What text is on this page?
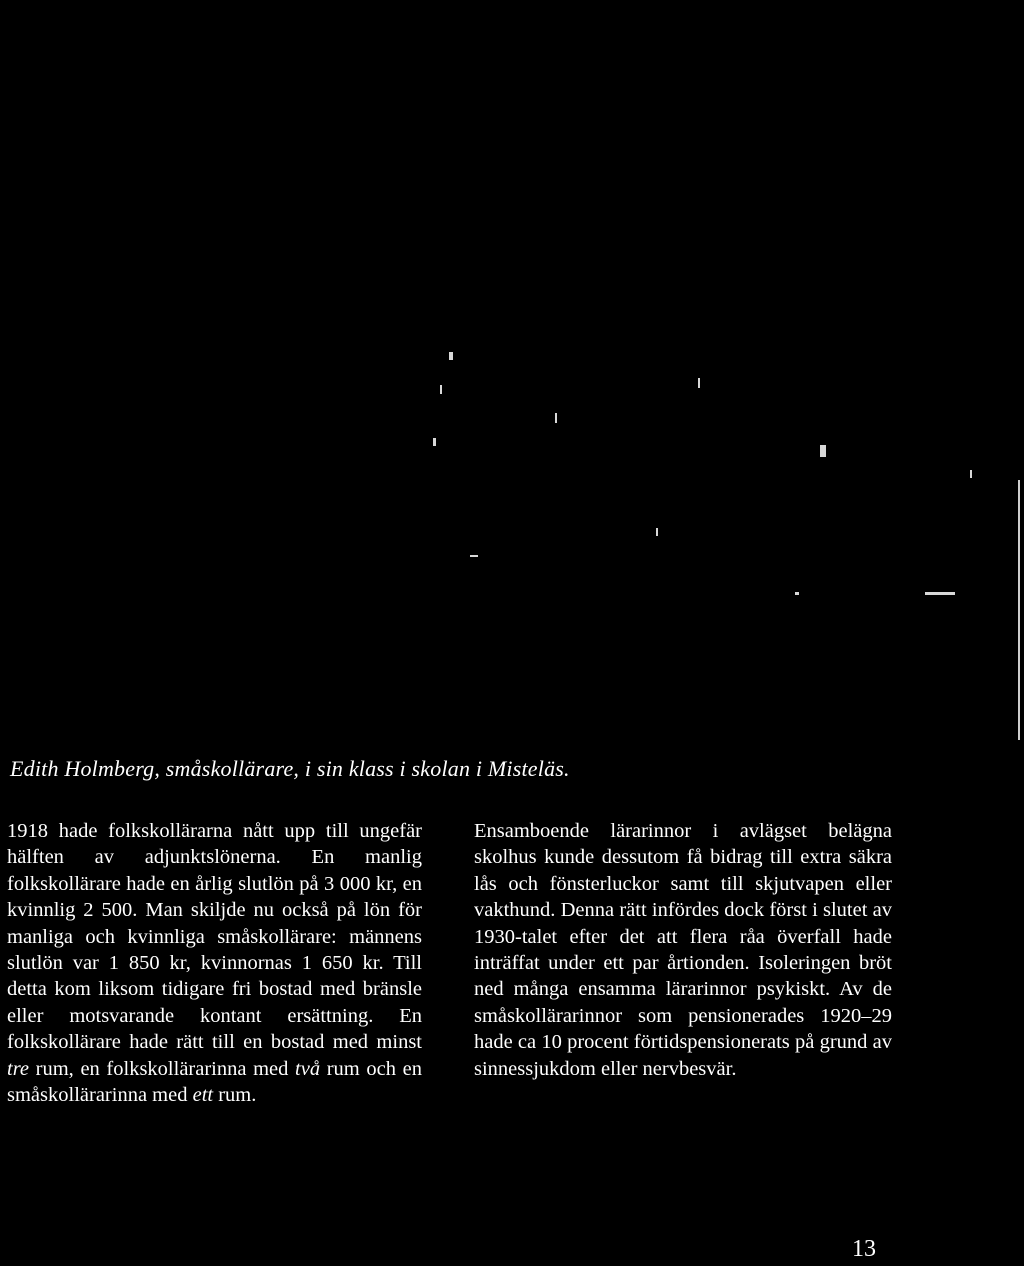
Edith Holmberg, småskollärare, i sin klass i skolan i Misteläs.
1918 hade folkskollärarna nått upp till ungefär hälften av adjunktslönerna. En manlig folkskollärare hade en årlig slutlön på 3 000 kr, en kvinnlig 2 500. Man skiljde nu också på lön för manliga och kvinnliga småskollärare: männens slutlön var 1 850 kr, kvinnornas 1 650 kr. Till detta kom liksom tidigare fri bostad med bränsle eller motsvarande kontant ersättning. En folkskollärare hade rätt till en bostad med minst tre rum, en folkskollärarinna med två rum och en småskollärarinna med ett rum.
Ensamboende lärarinnor i avlägset belägna skolhus kunde dessutom få bidrag till extra säkra lås och fönsterluckor samt till skjutvapen eller vakthund. Denna rätt infördes dock först i slutet av 1930-talet efter det att flera råa överfall hade inträffat under ett par årtionden. Isoleringen bröt ned många ensamma lärarinnor psykiskt. Av de småskollärarinnor som pensionerades 1920–29 hade ca 10 procent förtidspensionerats på grund av sinnessjukdom eller nervbesvär.
13
